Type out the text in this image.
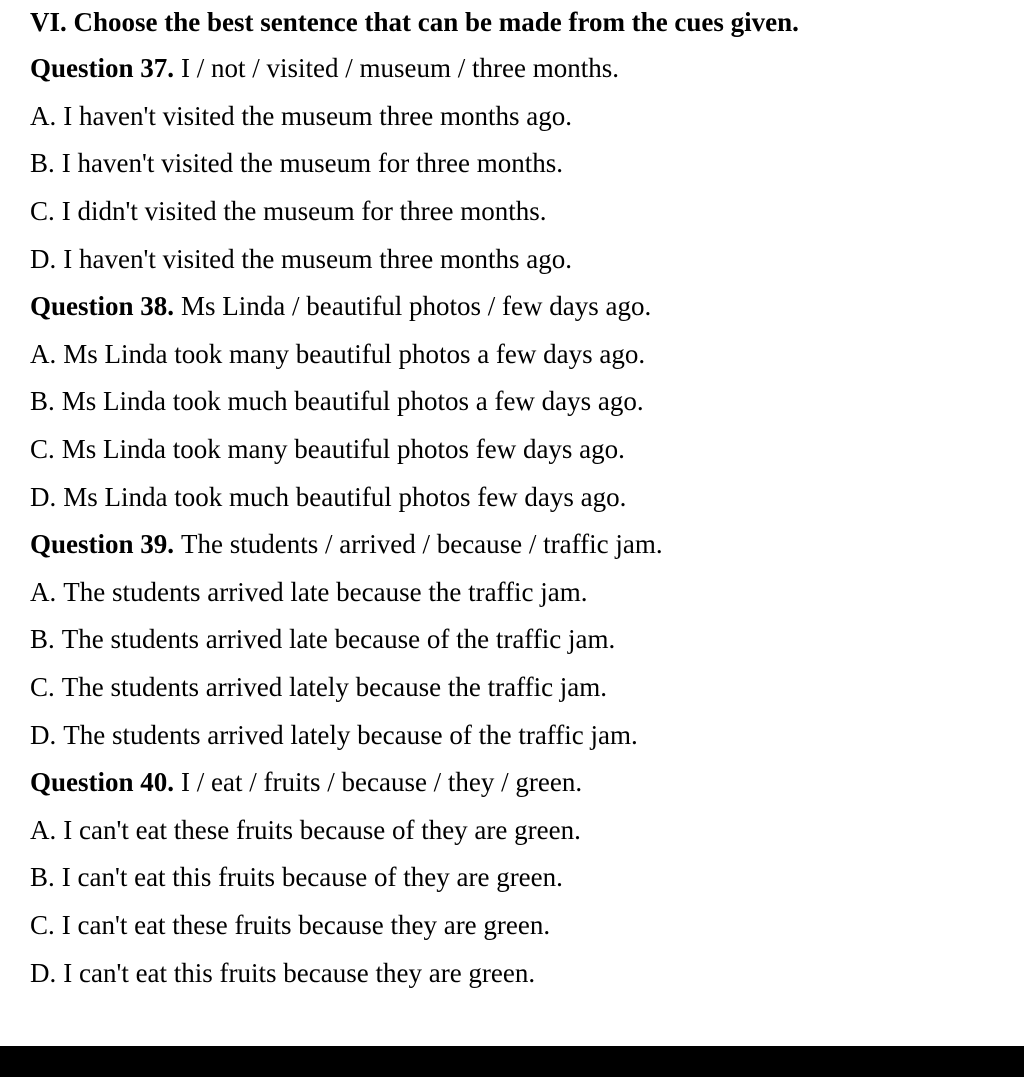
VI. Choose the best sentence that can be made from the cues given.
Question 37. I / not / visited / museum / three months.
A. I haven't visited the museum three months ago.
B. I haven't visited the museum for three months.
C. I didn't visited the museum for three months.
D. I haven't visited the museum three months ago.
Question 38. Ms Linda / beautiful photos / few days ago.
A. Ms Linda took many beautiful photos a few days ago.
B. Ms Linda took much beautiful photos a few days ago.
C. Ms Linda took many beautiful photos few days ago.
D. Ms Linda took much beautiful photos few days ago.
Question 39. The students / arrived / because / traffic jam.
A. The students arrived late because the traffic jam.
B. The students arrived late because of the traffic jam.
C. The students arrived lately because the traffic jam.
D. The students arrived lately because of the traffic jam.
Question 40. I / eat / fruits / because / they / green.
A. I can't eat these fruits because of they are green.
B. I can't eat this fruits because of they are green.
C. I can't eat these fruits because they are green.
D. I can't eat this fruits because they are green.
